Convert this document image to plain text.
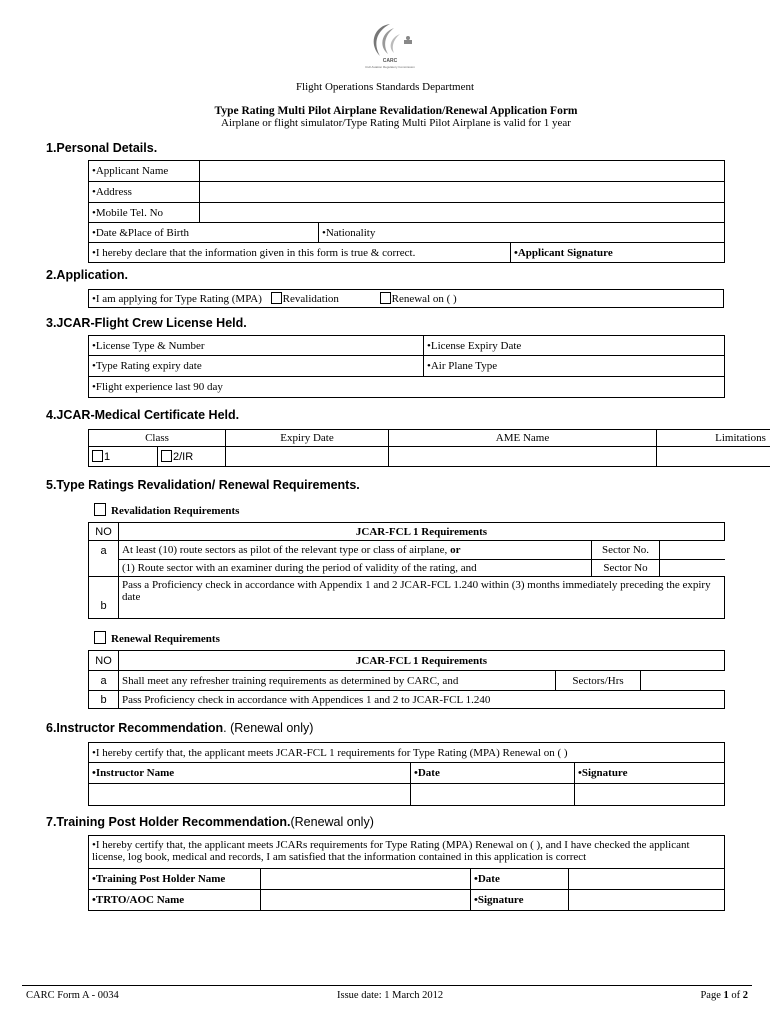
CARC
Civil Aviation Regulatory Commission
Flight Operations Standards Department
Type Rating Multi Pilot Airplane Revalidation/Renewal Application Form
Airplane or flight simulator/Type Rating Multi Pilot Airplane is valid for 1 year
1.Personal Details.
• Applicant Name	
• Address	
• Mobile Tel. No	
• Date &Place of Birth	•Nationality
• I hereby declare that the information given in this form is true & correct.	•Applicant Signature
2.Application.
• I am applying for Type Rating (MPA) Revalidation	Renewal on ( )
3.JCAR-Flight Crew License Held.
• License Type & Number	•License Expiry Date
• Type Rating expiry date	•Air Plane Type
• Flight experience last 90 day
4.JCAR-Medical Certificate Held.
Class		Expiry Date	AME Name	Limitations
1	2/IR			
5.Type Ratings Revalidation/ Renewal Requirements.
Revalidation Requirements
NO	JCAR-FCL 1 Requirements		
a	At least (10) route sectors as pilot of the relevant type or class of airplane, or	Sector No.	
	(1) Route sector with an examiner during the period of validity of the rating, and	Sector No	
b	Pass a Proficiency check in accordance with Appendix 1 and 2 JCAR-FCL 1.240 within (3) months immediately preceding the expiry date		
Renewal Requirements
NO	JCAR-FCL 1 Requirements		
a	Shall meet any refresher training requirements as determined by CARC, and	Sectors/Hrs	
b	Pass Proficiency check in accordance with Appendices 1 and 2 to JCAR-FCL 1.240		
6.Instructor Recommendation. (Renewal only)
• I hereby certify that, the applicant meets JCAR-FCL 1 requirements for Type Rating (MPA) Renewal on ( )
• Instructor Name	•Date	•Signature

7.Training Post Holder Recommendation.(Renewal only)
• I hereby certify that, the applicant meets JCARs requirements for Type Rating (MPA) Renewal on ( ), and I have checked the applicant license, log book, medical and records, I am satisfied that the information contained in this application is correct
• Training Post Holder Name		•Date	
• TRTO/AOC Name		•Signature	
CARC Form A - 0034	Issue date: 1 March 2012	Page 1 of 2
